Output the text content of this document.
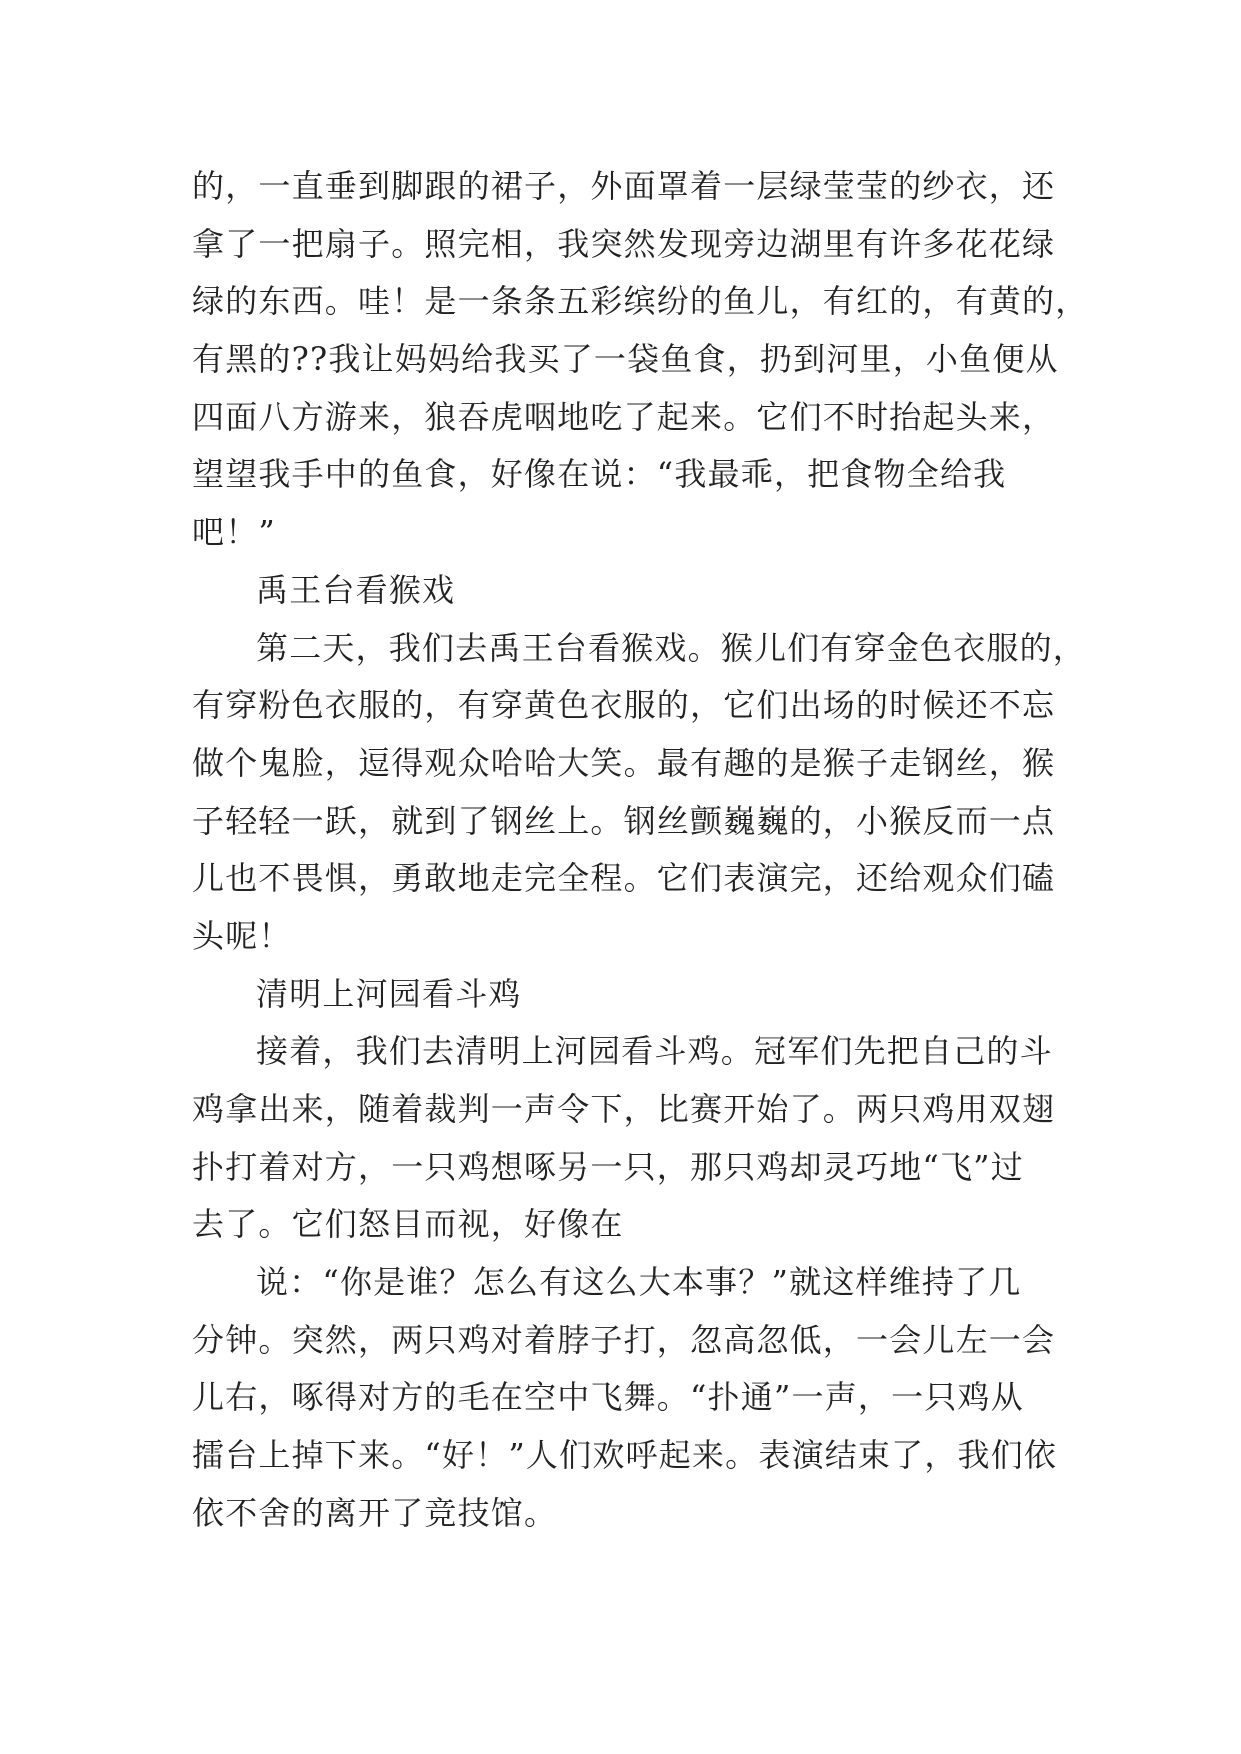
的，一直垂到脚跟的裙子，外面罩着一层绿莹莹的纱衣，还
拿了一把扇子。照完相，我突然发现旁边湖里有许多花花绿
绿的东西。哇！是一条条五彩缤纷的鱼儿，有红的，有黄的，
有黑的??我让妈妈给我买了一袋鱼食，扔到河里，小鱼便从
四面八方游来，狼吞虎咽地吃了起来。它们不时抬起头来，
望望我手中的鱼食，好像在说：“我最乖，把食物全给我
吧！”
禹王台看猴戏
第二天，我们去禹王台看猴戏。猴儿们有穿金色衣服的，
有穿粉色衣服的，有穿黄色衣服的，它们出场的时候还不忘
做个鬼脸，逗得观众哈哈大笑。最有趣的是猴子走钢丝，猴
子轻轻一跃，就到了钢丝上。钢丝颤巍巍的，小猴反而一点
儿也不畏惧，勇敢地走完全程。它们表演完，还给观众们磕
头呢！
清明上河园看斗鸡
接着，我们去清明上河园看斗鸡。冠军们先把自己的斗
鸡拿出来，随着裁判一声令下，比赛开始了。两只鸡用双翅
扑打着对方，一只鸡想啄另一只，那只鸡却灵巧地“飞”过
去了。它们怒目而视，好像在
说：“你是谁？怎么有这么大本事？”就这样维持了几
分钟。突然，两只鸡对着脖子打，忽高忽低，一会儿左一会
儿右，啄得对方的毛在空中飞舞。“扑通”一声，一只鸡从
擂台上掉下来。“好！”人们欢呼起来。表演结束了，我们依
依不舍的离开了竞技馆。
